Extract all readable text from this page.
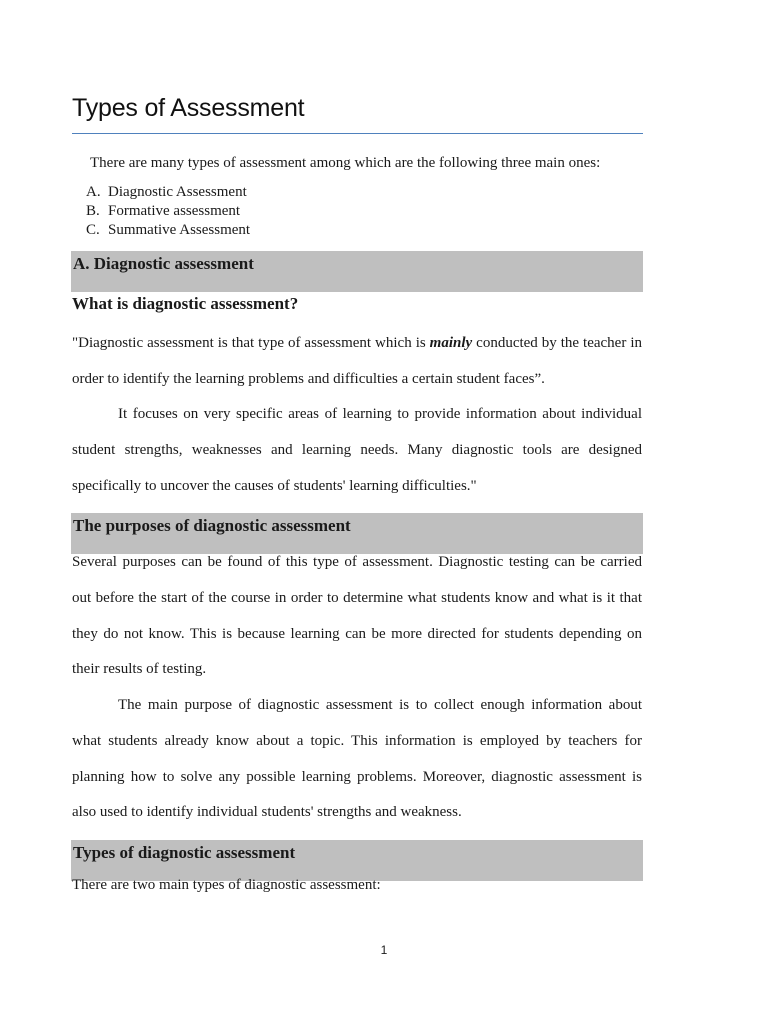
Types of Assessment

There are many types of assessment among which are the following three main ones:

A. Diagnostic Assessment
B. Formative assessment
C. Summative Assessment
A. Diagnostic assessment
What is diagnostic assessment?
"Diagnostic assessment is that type of assessment which is mainly conducted by the teacher in
order to identify the learning problems and difficulties a certain student faces”.
It focuses on very specific areas of learning to provide information about individual
student strengths, weaknesses and learning needs. Many diagnostic tools are designed
specifically to uncover the causes of students' learning difficulties."
The purposes of diagnostic assessment
Several purposes can be found of this type of assessment. Diagnostic testing can be carried
out before the start of the course in order to determine what students know and what is it that
they do not know. This is because learning can be more directed for students depending on
their results of testing.
The main purpose of diagnostic assessment is to collect enough information about
what students already know about a topic. This information is employed by teachers for
planning how to solve any possible learning problems. Moreover, diagnostic assessment is
also used to identify individual students' strengths and weakness.
Types of diagnostic assessment

There are two main types of diagnostic assessment:

1
